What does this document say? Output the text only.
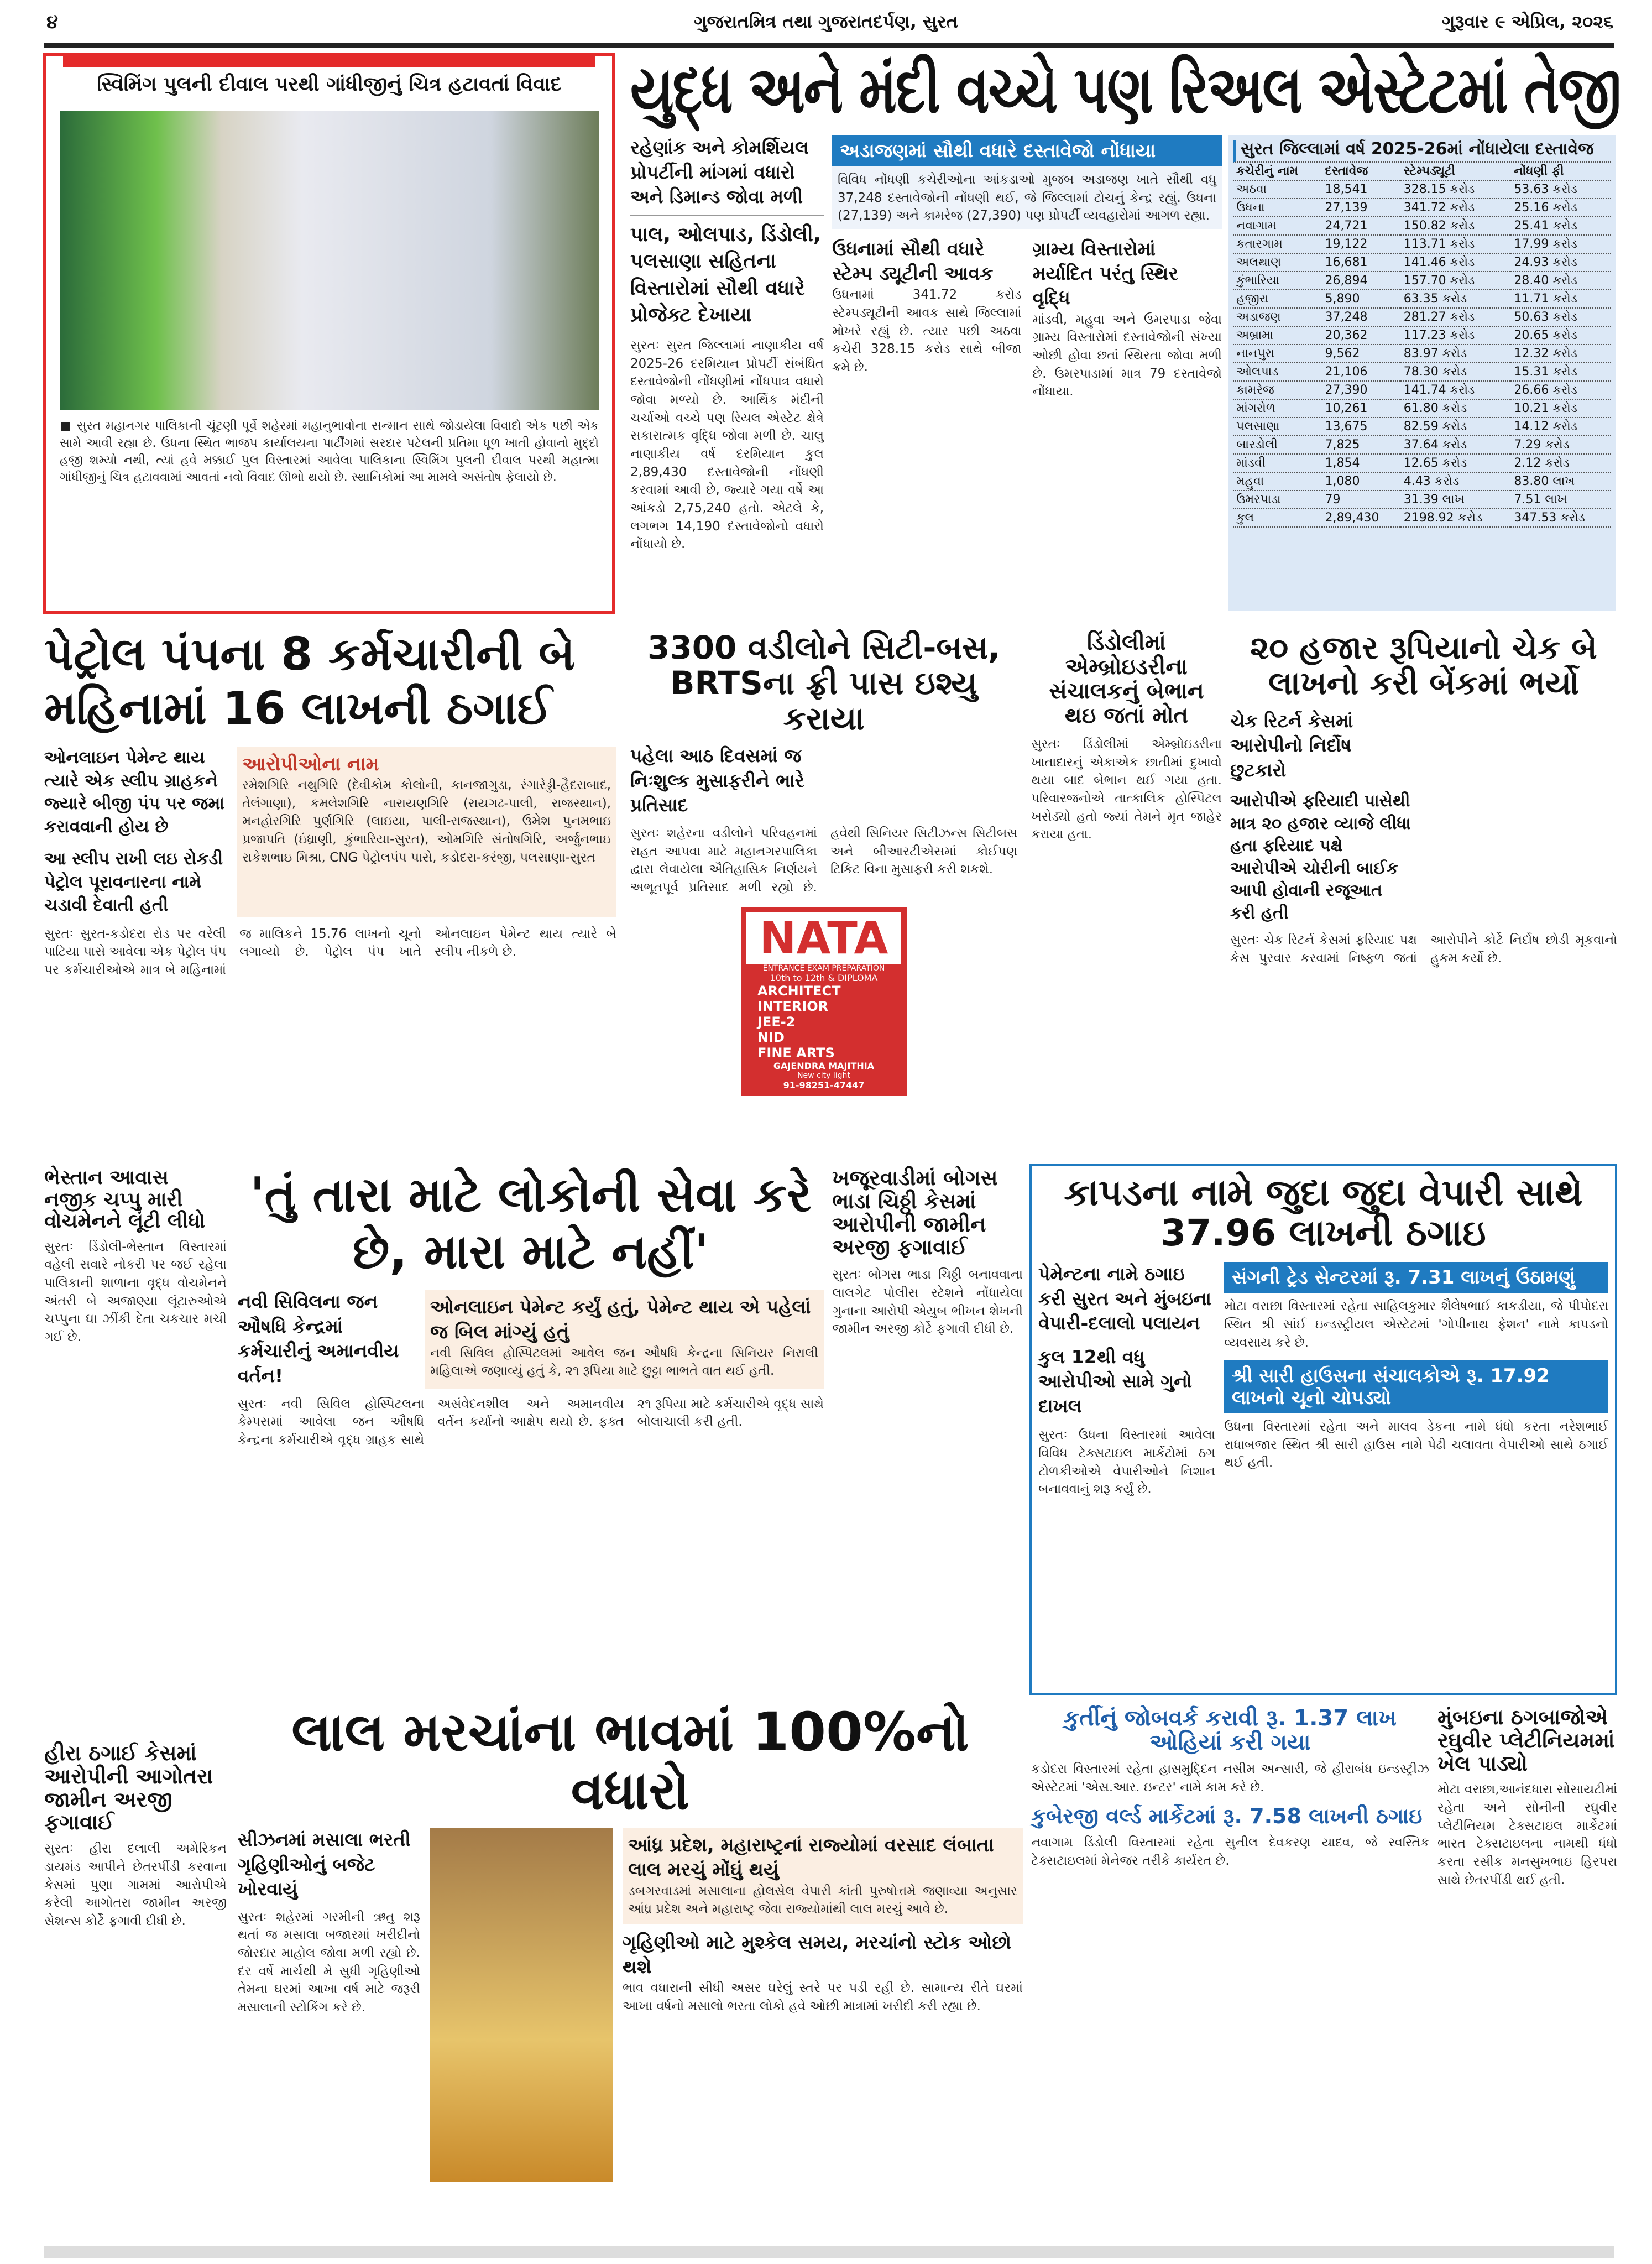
૪	ગુજરાતમિત્ર તથા ગુજરાતદર્પણ, સુરત	ગુરૂવાર ૯ એપ્રિલ, ૨૦૨૬
સ્વિમિંગ પુલની દીવાલ પરથી ગાંધીજીનું ચિત્ર હટાવતાં વિવાદ
■ સુરત મહાનગર પાલિકાની ચૂંટણી પૂર્વે શહેરમાં મહાનુભાવોના સન્માન સાથે જોડાયેલા વિવાદો એક પછી એક સામે આવી રહ્યા છે. ઉધના સ્થિત ભાજપ કાર્યાલયના પાર્ટીંગમાં સરદાર પટેલની પ્રતિમા ધૂળ ખાતી હોવાનો મુદ્દો હજી શમ્યો નથી, ત્યાં હવે મક્કાઈ પુલ વિસ્તારમાં આવેલા પાલિકાના સ્વિમિંગ પુલની દીવાલ પરથી મહાત્મા ગાંધીજીનું ચિત્ર હટાવવામાં આવતાં નવો વિવાદ ઊભો થયો છે. સ્થાનિકોમાં આ મામલે અસંતોષ ફેલાયો છે.
યુદ્ધ અને મંદી વચ્ચે પણ રિઅલ એસ્ટેટમાં તેજી
રહેણાંક અને કોમર્શિયલ પ્રોપર્ટીની માંગમાં વધારો અને ડિમાન્ડ જોવા મળી
પાલ, ઓલપાડ, ડિંડોલી, પલસાણા સહિતના વિસ્તારોમાં સૌથી વધારે પ્રોજેક્ટ દેખાયા
સુરતઃ સુરત જિલ્લામાં નાણાકીય વર્ષ 2025-26 દરમિયાન પ્રોપર્ટી સંબંધિત દસ્તાવેજોની નોંધણીમાં નોંધપાત્ર વધારો જોવા મળ્યો છે. આર્થિક મંદીની ચર્ચાઓ વચ્ચે પણ રિયલ એસ્ટેટ ક્ષેત્રે સકારાત્મક વૃદ્ધિ જોવા મળી છે. ચાલુ નાણાકીય વર્ષ દરમિયાન કુલ 2,89,430 દસ્તાવેજોની નોંધણી કરવામાં આવી છે, જ્યારે ગયા વર્ષે આ આંકડો 2,75,240 હતો. એટલે કે, લગભગ 14,190 દસ્તાવેજોનો વધારો નોંધાયો છે.
અડાજણમાં સૌથી વધારે દસ્તાવેજો નોંધાયા
વિવિધ નોંધણી કચેરીઓના આંકડાઓ મુજબ અડાજણ ખાતે સૌથી વધુ 37,248 દસ્તાવેજોની નોંધણી થઈ, જે જિલ્લામાં ટોચનું કેન્દ્ર રહ્યું. ઉધના (27,139) અને કામરેજ (27,390) પણ પ્રોપર્ટી વ્યવહારોમાં આગળ રહ્યા.
ઉધનામાં સૌથી વધારે સ્ટેમ્પ ડ્યૂટીની આવક
ઉધનામાં 341.72 કરોડ સ્ટેમ્પડ્યૂટીની આવક સાથે જિલ્લામાં મોખરે રહ્યું છે. ત્યાર પછી અઠવા કચેરી 328.15 કરોડ સાથે બીજા ક્રમે છે.
ગ્રામ્ય વિસ્તારોમાં મર્યાદિત પરંતુ સ્થિર વૃદ્ધિ
માંડવી, મહુવા અને ઉમરપાડા જેવા ગ્રામ્ય વિસ્તારોમાં દસ્તાવેજોની સંખ્યા ઓછી હોવા છતાં સ્થિરતા જોવા મળી છે. ઉમરપાડામાં માત્ર 79 દસ્તાવેજો નોંધાયા.
સુરત જિલ્લામાં વર્ષ 2025-26માં નોંધાયેલા દસ્તાવેજ
કચેરીનું નામ	દસ્તાવેજ	સ્ટેમ્પડ્યૂટી	નોંધણી ફી
અઠવા	18,541	328.15 કરોડ	53.63 કરોડ
ઉધના	27,139	341.72 કરોડ	25.16 કરોડ
નવાગામ	24,721	150.82 કરોડ	25.41 કરોડ
કતારગામ	19,122	113.71 કરોડ	17.99 કરોડ
અલથાણ	16,681	141.46 કરોડ	24.93 કરોડ
કુંભારિયા	26,894	157.70 કરોડ	28.40 કરોડ
હજીરા	5,890	63.35 કરોડ	11.71 કરોડ
અડાજણ	37,248	281.27 કરોડ	50.63 કરોડ
અબ્રામા	20,362	117.23 કરોડ	20.65 કરોડ
નાનપુરા	9,562	83.97 કરોડ	12.32 કરોડ
ઓલપાડ	21,106	78.30 કરોડ	15.31 કરોડ
કામરેજ	27,390	141.74 કરોડ	26.66 કરોડ
માંગરોળ	10,261	61.80 કરોડ	10.21 કરોડ
પલસાણા	13,675	82.59 કરોડ	14.12 કરોડ
બારડોલી	7,825	37.64 કરોડ	7.29 કરોડ
માંડવી	1,854	12.65 કરોડ	2.12 કરોડ
મહુવા	1,080	4.43 કરોડ	83.80 લાખ
ઉમરપાડા	79	31.39 લાખ	7.51 લાખ
કુલ	2,89,430	2198.92 કરોડ	347.53 કરોડ
પેટ્રોલ પંપના 8 કર્મચારીની બે મહિનામાં 16 લાખની ઠગાઈ
ઓનલાઇન પેમેન્ટ થાય ત્યારે એક સ્લીપ ગ્રાહકને જ્યારે બીજી પંપ પર જમા કરાવવાની હોય છે
આ સ્લીપ રાખી લઇ રોકડી પેટ્રોલ પૂરાવનારના નામે ચડાવી દેવાતી હતી
આરોપીઓના નામ
રમેશગિરિ નથુગિરિ (દેવીકોમ કોલોની, કાનજાગુડા, રંગારેડ્ડી-હૈદરાબાદ, તેલંગાણા), કમલેશગિરિ નારાયણગિરિ (રાયગઢ-પાલી, રાજસ્થાન), મનહોરગિરિ પુર્ણગિરિ (લાઇયા, પાલી-રાજસ્થાન), ઉમેશ પુનમભાઇ પ્રજાપતિ (ઇંધ્રાણી, કુંભારિયા-સુરત), ઓમગિરિ સંતોષગિરિ, અર્જુનભાઇ રાકેશભાઇ મિશ્રા, CNG પેટ્રોલપંપ પાસે, કડોદરા-કરંજી, પલસાણા-સુરત
સુરતઃ સુરત-કડોદરા રોડ પર વરેલી પાટિયા પાસે આવેલા એક પેટ્રોલ પંપ પર કર્મચારીઓએ માત્ર બે મહિનામાં જ માલિકને 15.76 લાખનો ચૂનો લગાવ્યો છે. પેટ્રોલ પંપ ખાતે ઓનલાઇન પેમેન્ટ થાય ત્યારે બે સ્લીપ નીકળે છે.
3300 વડીલોને સિટી-બસ, BRTSના ફ્રી પાસ ઇશ્યુ કરાયા
પહેલા આઠ દિવસમાં જ નિઃશુલ્ક મુસાફરીને ભારે પ્રતિસાદ
સુરતઃ શહેરના વડીલોને પરિવહનમાં રાહત આપવા માટે મહાનગરપાલિકા દ્વારા લેવાયેલા ઐતિહાસિક નિર્ણયને અભૂતપૂર્વ પ્રતિસાદ મળી રહ્યો છે. હવેથી સિનિયર સિટીઝન્સ સિટીબસ અને બીઆરટીએસમાં કોઈપણ ટિકિટ વિના મુસાફરી કરી શકશે.
NATA
ENTRANCE EXAM PREPARATION
10th to 12th & DIPLOMA
ARCHITECT
INTERIOR
JEE-2
NID
FINE ARTS
GAJENDRA MAJITHIA
New city light
91-98251-47447
ડિંડોલીમાં એમ્બ્રોઇડરીના સંચાલકનું બેભાન થઇ જતાં મોત
સુરતઃ ડિંડોલીમાં એમ્બ્રોઇડરીના ખાતાદારનું એકાએક છાતીમાં દુખાવો થયા બાદ બેભાન થઈ ગયા હતા. પરિવારજનોએ તાત્કાલિક હોસ્પિટલ ખસેડ્યો હતો જ્યાં તેમને મૃત જાહેર કરાયા હતા.
૨૦ હજાર રૂપિયાનો ચેક બે લાખનો કરી બેંકમાં ભર્યો
ચેક રિટર્ન કેસમાં આરોપીનો નિર્દોષ છુટકારો
આરોપીએ ફરિયાદી પાસેથી માત્ર ૨૦ હજાર વ્યાજે લીધા હતા ફરિયાદ પક્ષે આરોપીએ ચોરીની બાઈક આપી હોવાની રજૂઆત કરી હતી
સુરતઃ ચેક રિટર્ન કેસમાં ફરિયાદ પક્ષ કેસ પુરવાર કરવામાં નિષ્ફળ જતાં આરોપીને કોર્ટે નિર્દોષ છોડી મૂકવાનો હુકમ કર્યો છે.
ભેસ્તાન આવાસ નજીક ચપ્પુ મારી વોચમેનને લૂંટી લીધો
સુરતઃ ડિંડોલી-ભેસ્તાન વિસ્તારમાં વહેલી સવારે નોકરી પર જઈ રહેલા પાલિકાની શાળાના વૃદ્ધ વોચમેનને અંતરી બે અજાણ્યા લૂંટારુઓએ ચપ્પુના ઘા ઝીંકી દેતા ચકચાર મચી ગઈ છે.
'તું તારા માટે લોકોની સેવા કરે છે, મારા માટે નહીં'
નવી સિવિલના જન ઔષધિ કેન્દ્રમાં કર્મચારીનું અમાનવીય વર્તન!
ઓનલાઇન પેમેન્ટ કર્યું હતું, પેમેન્ટ થાય એ પહેલાં જ બિલ માંગ્યું હતું
નવી સિવિલ હોસ્પિટલમાં આવેલ જન ઔષધિ કેન્દ્રના સિનિયર નિરાલી મહિલાએ જણાવ્યું હતું કે, ૨૧ રૂપિયા માટે છુટ્ટા ભાભતે વાત થઈ હતી.
સુરતઃ નવી સિવિલ હોસ્પિટલના કેમ્પસમાં આવેલા જન ઔષધિ કેન્દ્રના કર્મચારીએ વૃદ્ધ ગ્રાહક સાથે અસંવેદનશીલ અને અમાનવીય વર્તન કર્યાનો આક્ષેપ થયો છે. ફક્ત ૨૧ રૂપિયા માટે કર્મચારીએ વૃદ્ધ સાથે બોલાચાલી કરી હતી.
ખજૂરવાડીમાં બોગસ ભાડા ચિઠ્ઠી કેસમાં આરોપીની જામીન અરજી ફગાવાઈ
સુરતઃ બોગસ ભાડા ચિઠ્ઠી બનાવવાના લાલગેટ પોલીસ સ્ટેશને નોંધાયેલા ગુનાના આરોપી એયુબ ભીખન શેખની જામીન અરજી કોર્ટે ફગાવી દીધી છે.
કાપડના નામે જુદા જુદા વેપારી સાથે 37.96 લાખની ઠગાઇ
પેમેન્ટના નામે ઠગાઇ કરી સુરત અને મુંબઇના વેપારી-દલાલો પલાયન
કુલ 12થી વધુ આરોપીઓ સામે ગુનો દાખલ
સુરતઃ ઉધના વિસ્તારમાં આવેલા વિવિધ ટેક્સટાઇલ માર્કેટોમાં ઠગ ટોળકીઓએ વેપારીઓને નિશાન બનાવવાનું શરૂ કર્યું છે.
સંગની ટ્રેડ સેન્ટરમાં રૂ. 7.31 લાખનું ઉઠામણું
મોટા વરાછા વિસ્તારમાં રહેતા સાહિલકુમાર શૈલેષભાઈ કાકડીયા, જે પીપોદરા સ્થિત શ્રી સાંઈ ઇન્ડસ્ટ્રીયલ એસ્ટેટમાં 'ગોપીનાથ ફેશન' નામે કાપડનો વ્યવસાય કરે છે.
શ્રી સારી હાઉસના સંચાલકોએ રૂ. 17.92 લાખનો ચૂનો ચોપડ્યો
ઉધના વિસ્તારમાં રહેતા અને માલવ ડેકના નામે ધંધો કરતા નરેશભાઈ રાધાબજાર સ્થિત શ્રી સારી હાઉસ નામે પેઢી ચલાવતા વેપારીઓ સાથે ઠગાઈ થઈ હતી.
હીરા ઠગાઈ કેસમાં આરોપીની આગોતરા જામીન અરજી ફગાવાઈ
સુરતઃ હીરા દલાલી અમેરિકન ડાયમંડ આપીને છેતરપીંડી કરવાના કેસમાં પુણા ગામમાં આરોપીએ કરેલી આગોતરા જામીન અરજી સેશન્સ કોર્ટે ફગાવી દીધી છે.
લાલ મરચાંના ભાવમાં 100%નો વધારો
સીઝનમાં મસાલા ભરતી ગૃહિણીઓનું બજેટ ખોરવાયું
સુરતઃ શહેરમાં ગરમીની ઋતુ શરૂ થતાં જ મસાલા બજારમાં ખરીદીનો જોરદાર માહોલ જોવા મળી રહ્યો છે. દર વર્ષે માર્ચથી મે સુધી ગૃહિણીઓ તેમના ઘરમાં આખા વર્ષ માટે જરૂરી મસાલાની સ્ટોકિંગ કરે છે.
આંધ્ર પ્રદેશ, મહારાષ્ટ્રનાં રાજ્યોમાં વરસાદ લંબાતા લાલ મરચું મોંઘું થયું
ડબગરવાડમાં મસાલાના હોલસેલ વેપારી કાંતી પુરુષોત્તમે જણાવ્યા અનુસાર આંધ્ર પ્રદેશ અને મહારાષ્ટ્ર જેવા રાજ્યોમાંથી લાલ મરચું આવે છે.
ગૃહિણીઓ માટે મુશ્કેલ સમય, મરચાંનો સ્ટોક ઓછો થશે
ભાવ વધારાની સીધી અસર ઘરેલું સ્તરે પર પડી રહી છે. સામાન્ય રીતે ઘરમાં આખા વર્ષનો મસાલો ભરતા લોકો હવે ઓછી માત્રામાં ખરીદી કરી રહ્યા છે.
કુર્તીનું જોબવર્ક કરાવી રૂ. 1.37 લાખ ઓહિયાં કરી ગયા
કડોદરા વિસ્તારમાં રહેતા હાસમુદ્દિન નસીમ અન્સારી, જે હીરાબંધ ઇન્ડસ્ટ્રીઝ એસ્ટેટમાં 'એસ.આર. ઇન્ટર' નામે કામ કરે છે.
કુબેરજી વર્લ્ડ માર્કેટમાં રૂ. 7.58 લાખની ઠગાઇ
નવાગામ ડિંડોલી વિસ્તારમાં રહેતા સુનીલ દેવકરણ યાદવ, જે સ્વસ્તિક ટેક્સટાઇલમાં મેનેજર તરીકે કાર્યરત છે.
મુંબઇના ઠગબાજોએ રઘુવીર પ્લેટીનિયમમાં ખેલ પાડ્યો
મોટા વરાછા,આનંદધારા સોસાયટીમાં રહેતા અને સોનીની રઘુવીર પ્લેટીનિયમ ટેક્સટાઇલ માર્કેટમાં ભારત ટેક્સટાઇલના નામથી ધંધો કરતા રસીક મનસુખભાઇ હિરપરા સાથે છેતરપીંડી થઈ હતી.
